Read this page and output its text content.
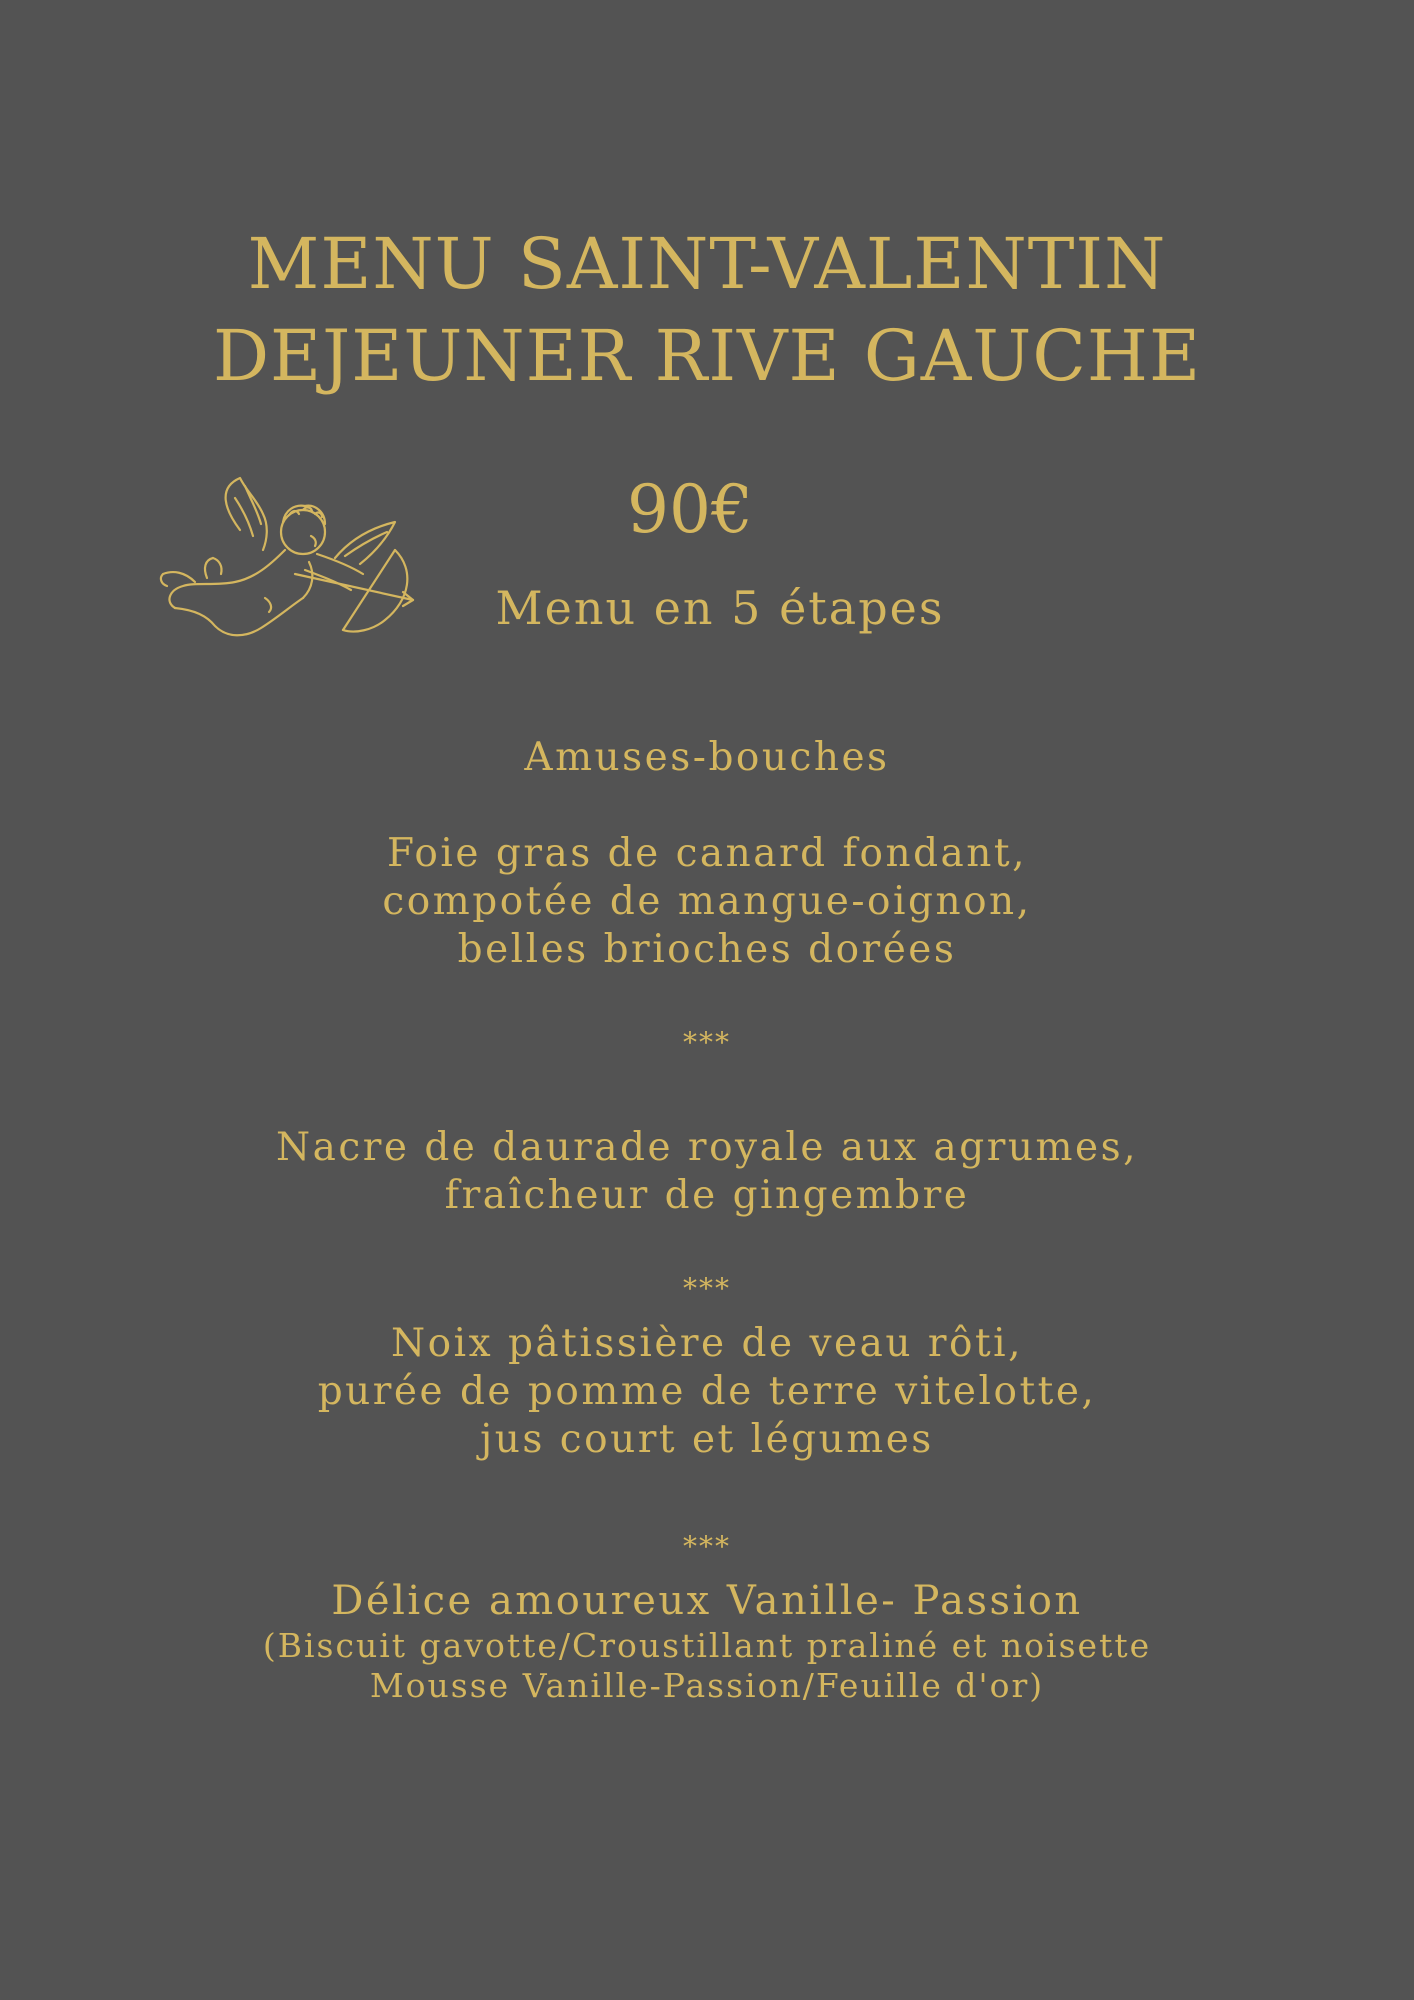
MENU SAINT-VALENTIN
DEJEUNER RIVE GAUCHE
90€
Menu en 5 étapes
Amuses-bouches
Foie gras de canard fondant,
compotée de mangue-oignon,
belles brioches dorées
***
Nacre de daurade royale aux agrumes,
fraîcheur de gingembre
***
Noix pâtissière de veau rôti,
purée de pomme de terre vitelotte,
jus court et légumes
***
Délice amoureux Vanille- Passion
(Biscuit gavotte/Croustillant praliné et noisette
Mousse Vanille-Passion/Feuille d'or)
